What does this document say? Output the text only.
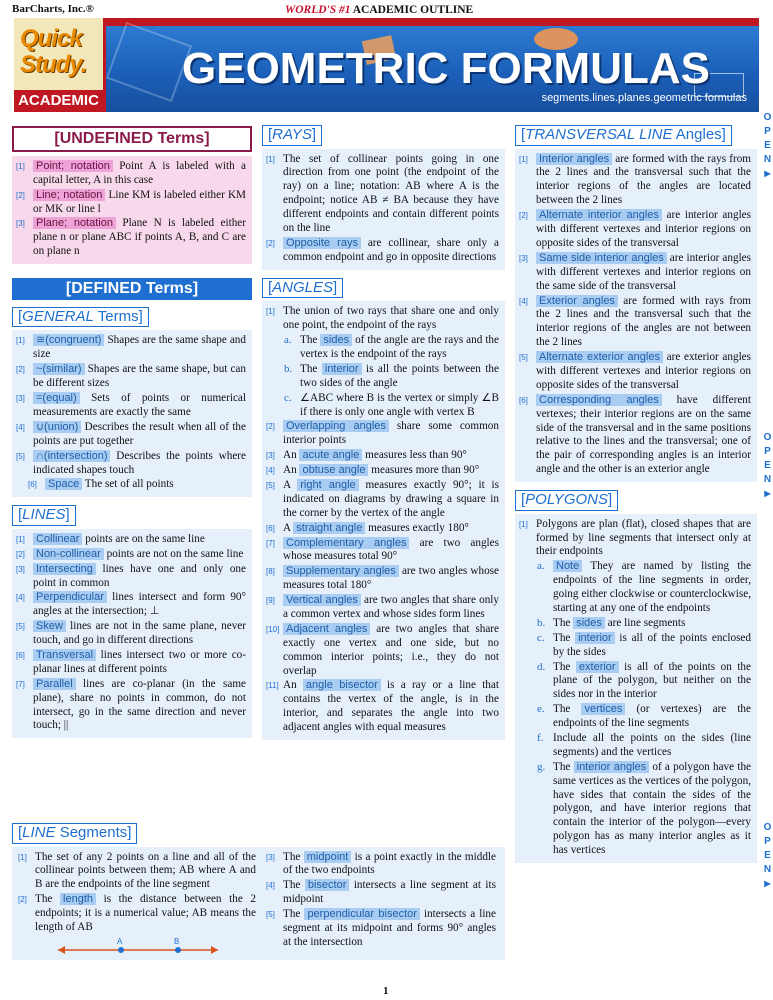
BarCharts, Inc.®	WORLD'S #1 ACADEMIC OUTLINE
Quick
Study.
ACADEMIC
GEOMETRIC FORMULAS
segments.lines.planes.geometric formulas
OPEN
▶
OPEN
▶
OPEN
▶
[UNDEFINED Terms]
[1]	Point; notation Point A is labeled with a capital letter, A in this case
[2]	Line; notation Line KM is labeled either KM or MK or line l
[3]	Plane; notation Plane N is labeled either plane n or plane ABC if points A, B, and C are on plane n
[DEFINED Terms]
[GENERAL Terms]
[1]	≅(congruent) Shapes are the same shape and size
[2]	~(similar) Shapes are the same shape, but can be different sizes
[3]	=(equal) Sets of points or numerical measurements are exactly the same
[4]	∪(union) Describes the result when all of the points are put together
[5]	∩(intersection) Describes the points where indicated shapes touch
[6]	Space The set of all points
[LINES]
[1]	Collinear points are on the same line
[2]	Non-collinear points are not on the same line
[3]	Intersecting lines have one and only one point in common
[4]	Perpendicular lines intersect and form 90° angles at the intersection; ⊥
[5]	Skew lines are not in the same plane, never touch, and go in different directions
[6]	Transversal lines intersect two or more co-planar lines at different points
[7]	Parallel lines are co-planar (in the same plane), share no points in common, do not intersect, go in the same direction and never touch; ||
[RAYS]
[1] The set of collinear points going in one direction from one point (the endpoint of the ray) on a line; notation: AB where A is the endpoint; notice AB ≠ BA because they have different endpoints and contain different points on the line
[2]	Opposite rays are collinear, share only a common endpoint and go in opposite directions
[ANGLES]
[1] The union of two rays that share one and only one point, the endpoint of the rays
a. The sides of the angle are the rays and the vertex is the endpoint of the rays
b. The interior is all the points between the two sides of the angle
c. ∠ABC where B is the vertex or simply ∠B if there is only one angle with vertex B
[2]	Overlapping angles share some common interior points
[3] An acute angle measures less than 90°
[4] An obtuse angle measures more than 90°
[5] A right angle measures exactly 90°; it is indicated on diagrams by drawing a square in the corner by the vertex of the angle
[6] A straight angle measures exactly 180°
[7]	Complementary angles are two angles whose measures total 90°
[8]	Supplementary angles are two angles whose measures total 180°
[9]	Vertical angles are two angles that share only a common vertex and whose sides form lines
[10] Adjacent angles are two angles that share exactly one vertex and one side, but no common interior points; i.e., they do not overlap
[11] An angle bisector is a ray or a line that contains the vertex of the angle, is in the interior, and separates the angle into two adjacent angles with equal measures
[TRANSVERSAL LINE Angles]
[1]	Interior angles are formed with the rays from the 2 lines and the transversal such that the interior regions of the angles are located between the 2 lines
[2]	Alternate interior angles are interior angles with different vertexes and interior regions on opposite sides of the transversal
[3]	Same side interior angles are interior angles with different vertexes and interior regions on the same side of the transversal
[4]	Exterior angles are formed with rays from the 2 lines and the transversal such that the interior regions of the angles are not between the 2 lines
[5]	Alternate exterior angles are exterior angles with different vertexes and interior regions on opposite sides of the transversal
[6]	Corresponding angles have different vertexes; their interior regions are on the same side of the transversal and in the same positions relative to the lines and the transversal; one of the pair of corresponding angles is an interior angle and the other is an exterior angle
[POLYGONS]
[1] Polygons are plan (flat), closed shapes that are formed by line segments that intersect only at their endpoints
a.	Note They are named by listing the endpoints of the line segments in order, going either clockwise or counterclockwise, starting at any one of the endpoints
b. The sides are line segments
c. The interior is all of the points enclosed by the sides
d. The exterior is all of the points on the plane of the polygon, but neither on the sides nor in the interior
e. The vertices (or vertexes) are the endpoints of the line segments
f. Include all the points on the sides (line segments) and the vertices
g. The interior angles of a polygon have the same vertices as the vertices of the polygon, have sides that contain the sides of the polygon, and have interior regions that contain the interior of the polygon—every polygon has as many interior angles as it has vertices
[LINE Segments]
[1] The set of any 2 points on a line and all of the collinear points between them; AB where A and B are the endpoints of the line segment
[2] The length is the distance between the 2 endpoints; it is a numerical value; AB means the length of AB
A	B
[3] The midpoint is a point exactly in the middle of the two endpoints
[4] The bisector intersects a line segment at its midpoint
[5] The perpendicular bisector intersects a line segment at its midpoint and forms 90° angles at the intersection
1
